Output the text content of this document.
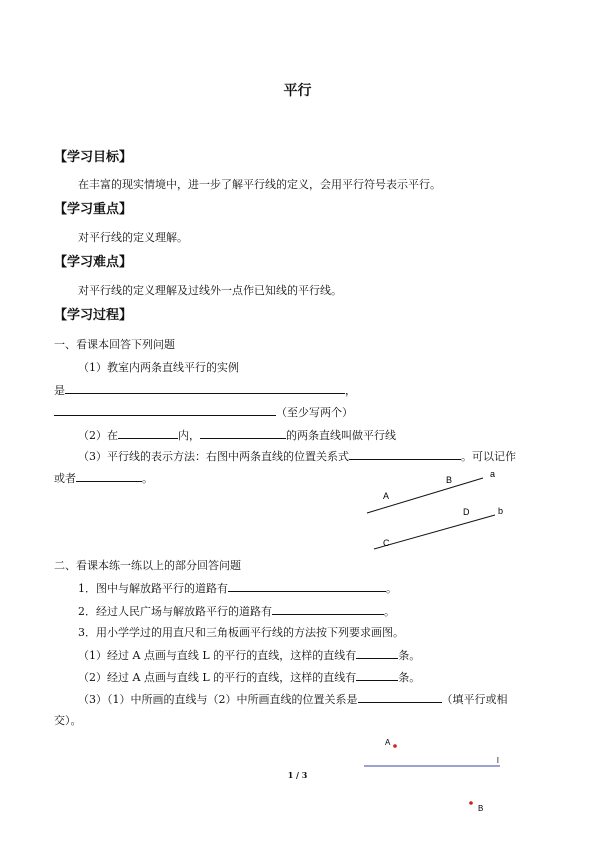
平行
【学习目标】
在丰富的现实情境中，进一步了解平行线的定义，会用平行符号表示平行。
【学习重点】
对平行线的定义理解。
【学习难点】
对平行线的定义理解及过线外一点作已知线的平行线。
【学习过程】
一、看课本回答下列问题
（1）教室内两条直线平行的实例
是	，
（至少写两个）
（2）在	内，	的两条直线叫做平行线
（3）平行线的表示方法：右图中两条直线的位置关系式	。可以记作
或者	。
二、看课本练一练以上的部分回答问题
1．图中与解放路平行的道路有	。
2．经过人民广场与解放路平行的道路有	。
3．用小学学过的用直尺和三角板画平行线的方法按下列要求画图。
（1）经过 A 点画与直线 L 的平行的直线，这样的直线有	条。
（2）经过 A 点画与直线 L 的平行的直线，这样的直线有	条。
（3）（1）中所画的直线与（2）中所画直线的位置关系是	（填平行或相
交）。
a
b
A
B
C
D
A
l
B
1 / 3
